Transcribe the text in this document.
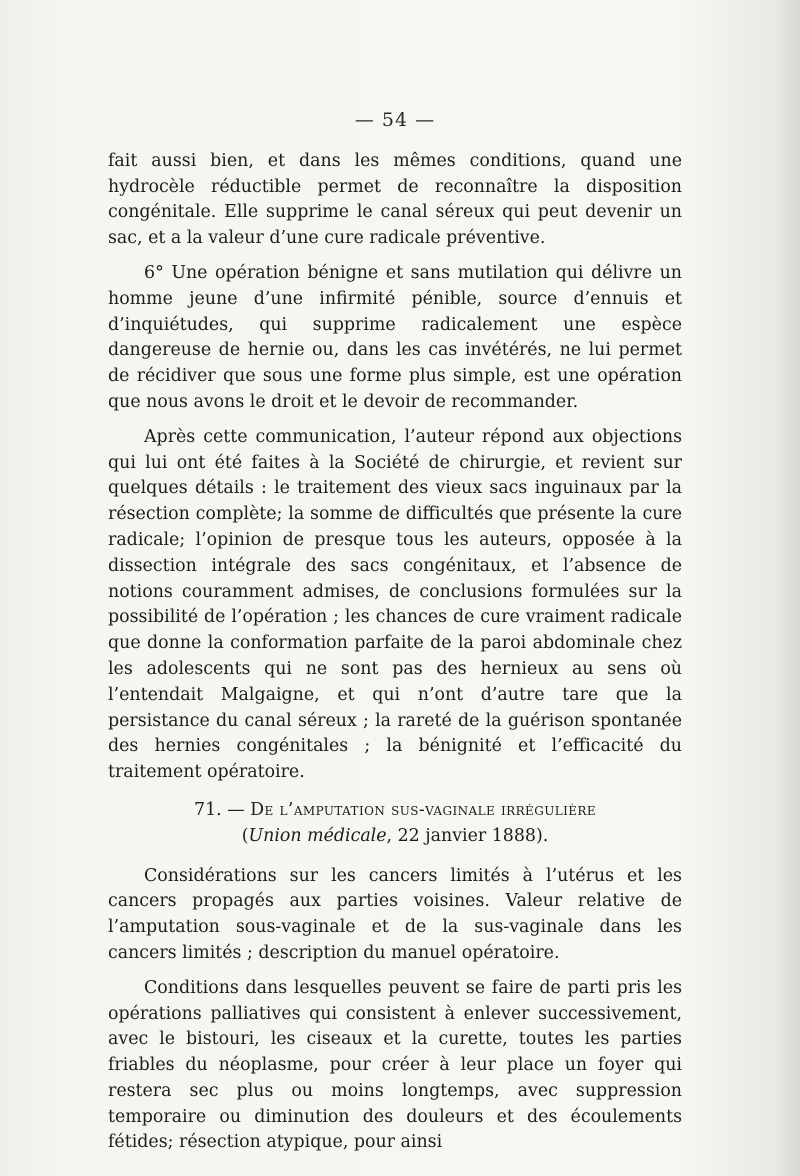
— 54 —

fait aussi bien, et dans les mêmes conditions, quand une hydrocèle réductible permet de reconnaître la disposition congénitale. Elle supprime le canal séreux qui peut devenir un sac, et a la valeur d’une cure radicale préventive.

6° Une opération bénigne et sans mutilation qui délivre un homme jeune d’une infirmité pénible, source d’ennuis et d’inquiétudes, qui supprime radicalement une espèce dangereuse de hernie ou, dans les cas invétérés, ne lui permet de récidiver que sous une forme plus simple, est une opération que nous avons le droit et le devoir de recommander.

Après cette communication, l’auteur répond aux objections qui lui ont été faites à la Société de chirurgie, et revient sur quelques détails : le traitement des vieux sacs inguinaux par la résection complète; la somme de difficultés que présente la cure radicale; l’opinion de presque tous les auteurs, opposée à la dissection intégrale des sacs congénitaux, et l’absence de notions couramment admises, de conclusions formulées sur la possibilité de l’opération ; les chances de cure vraiment radicale que donne la conformation parfaite de la paroi abdominale chez les adolescents qui ne sont pas des hernieux au sens où l’entendait Malgaigne, et qui n’ont d’autre tare que la persistance du canal séreux ; la rareté de la guérison spontanée des hernies congénitales ; la bénignité et l’efficacité du traitement opératoire.

71. — De l’amputation sus-vaginale irrégulière
(Union médicale, 22 janvier 1888).

Considérations sur les cancers limités à l’utérus et les cancers propagés aux parties voisines. Valeur relative de l’amputation sous-vaginale et de la sus-vaginale dans les cancers limités ; description du manuel opératoire.

Conditions dans lesquelles peuvent se faire de parti pris les opérations palliatives qui consistent à enlever successivement, avec le bistouri, les ciseaux et la curette, toutes les parties friables du néoplasme, pour créer à leur place un foyer qui restera sec plus ou moins longtemps, avec suppression temporaire ou diminution des douleurs et des écoulements fétides; résection atypique, pour ainsi
